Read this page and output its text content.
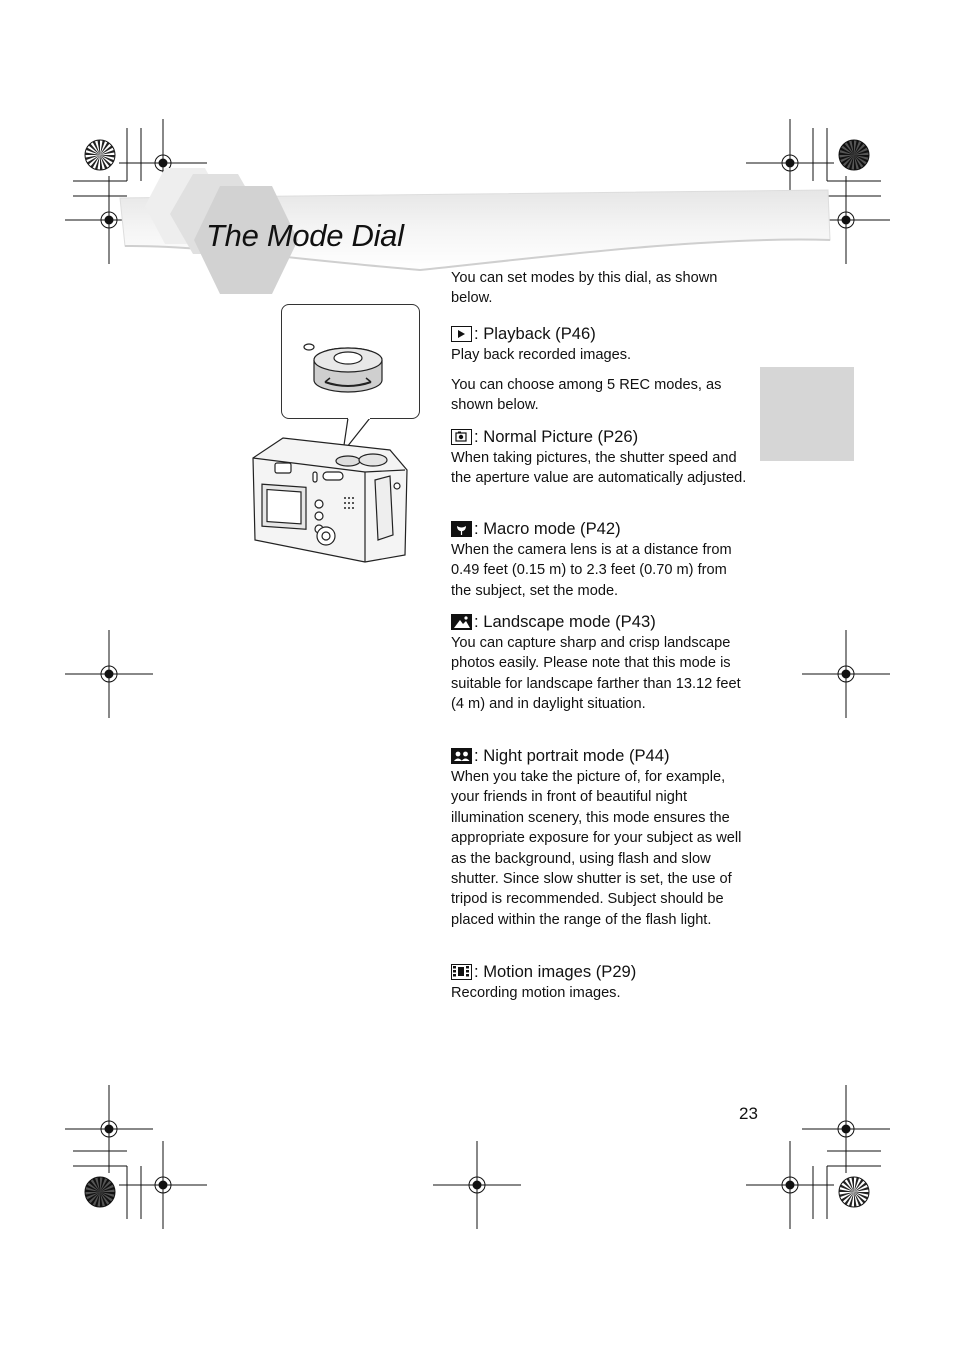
The Mode Dial
You can set modes by this dial, as shown below.
: Playback (P46)
Play back recorded images.
You can choose among 5 REC modes, as shown below.
: Normal Picture (P26)
When taking pictures, the shutter speed and the aperture value are automatically adjusted.
: Macro mode (P42)
When the camera lens is at a distance from 0.49 feet (0.15 m) to 2.3 feet (0.70 m) from the subject, set the mode.
: Landscape mode (P43)
You can capture sharp and crisp landscape photos easily. Please note that this mode is suitable for landscape farther than 13.12 feet (4 m) and in daylight situation.
: Night portrait mode (P44)
When you take the picture of, for example, your friends in front of beautiful night illumination scenery, this mode ensures the appropriate exposure for your subject as well as the background, using flash and slow shutter. Since slow shutter is set, the use of tripod is recommended. Subject should be placed within the range of the flash light.
: Motion images (P29)
Recording motion images.
23
